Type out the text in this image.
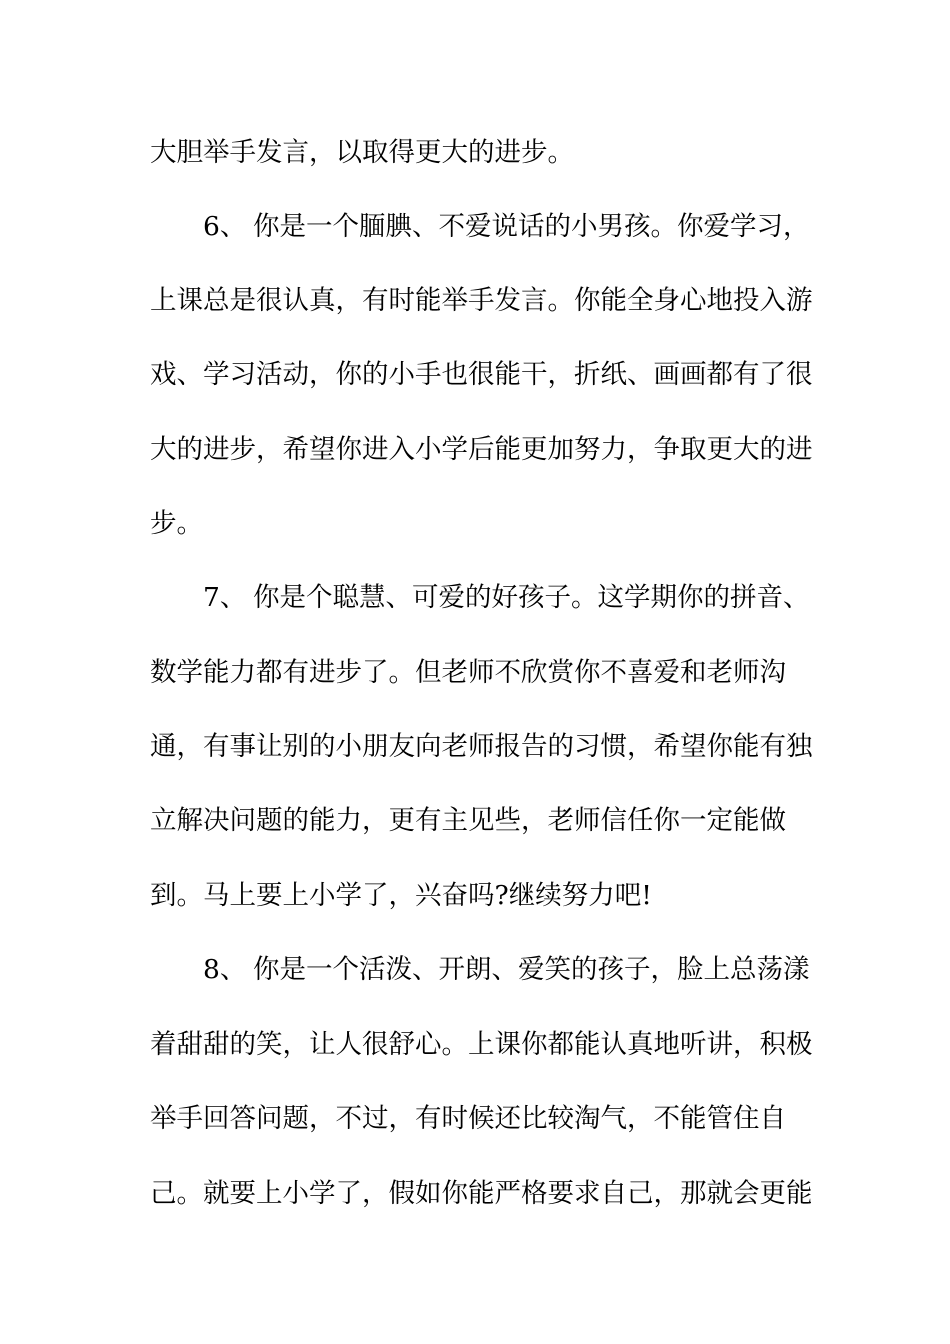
大胆举手发言，以取得更大的进步。
6、 你是一个腼腆、不爱说话的小男孩。你爱学习，
上课总是很认真，有时能举手发言。你能全身心地投入游
戏、学习活动，你的小手也很能干，折纸、画画都有了很
大的进步，希望你进入小学后能更加努力，争取更大的进
步。
7、 你是个聪慧、可爱的好孩子。这学期你的拼音、
数学能力都有进步了。但老师不欣赏你不喜爱和老师沟
通，有事让别的小朋友向老师报告的习惯，希望你能有独
立解决问题的能力，更有主见些，老师信任你一定能做
到。马上要上小学了，兴奋吗?继续努力吧!
8、 你是一个活泼、开朗、爱笑的孩子，脸上总荡漾
着甜甜的笑，让人很舒心。上课你都能认真地听讲，积极
举手回答问题，不过，有时候还比较淘气，不能管住自
己。就要上小学了，假如你能严格要求自己，那就会更能
